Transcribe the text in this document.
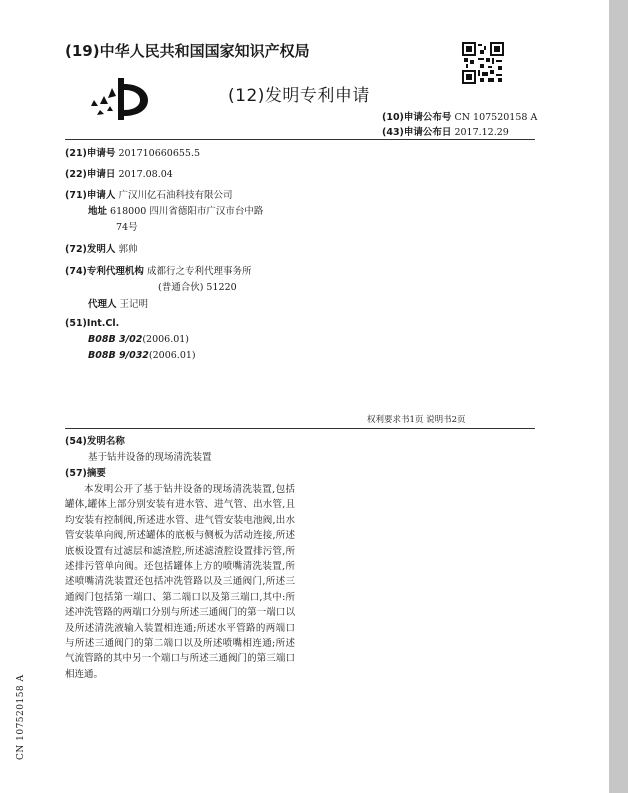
(19)中华人民共和国国家知识产权局
(12)发明专利申请
(10)申请公布号 CN 107520158 A
(43)申请公布日 2017.12.29
(21)申请号 201710660655.5
(22)申请日 2017.08.04
(71)申请人 广汉川亿石油科技有限公司
地址 618000 四川省德阳市广汉市台中路
74号
(72)发明人 郭帅
(74)专利代理机构 成都行之专利代理事务所
(普通合伙) 51220
代理人 王记明
(51)Int.Cl.
B08B 3/02(2006.01)
B08B 9/032(2006.01)
权利要求书1页 说明书2页
(54)发明名称
基于钻井设备的现场清洗装置
(57)摘要
本发明公开了基于钻井设备的现场清洗装置,包括罐体,罐体上部分别安装有进水管、进气管、出水管,且均安装有控制阀,所述进水管、进气管安装电池阀,出水管安装单向阀,所述罐体的底板与侧板为活动连接,所述底板设置有过滤层和滤渣腔,所述滤渣腔设置排污管,所述排污管单向阀。还包括罐体上方的喷嘴清洗装置,所述喷嘴清洗装置还包括冲洗管路以及三通阀门,所述三通阀门包括第一端口、第二端口以及第三端口,其中:所述冲洗管路的两端口分别与所述三通阀门的第一端口以及所述清洗液输入装置相连通;所述水平管路的两端口与所述三通阀门的第二端口以及所述喷嘴相连通;所述气流管路的其中另一个端口与所述三通阀门的第三端口相连通。
CN 107520158 A
